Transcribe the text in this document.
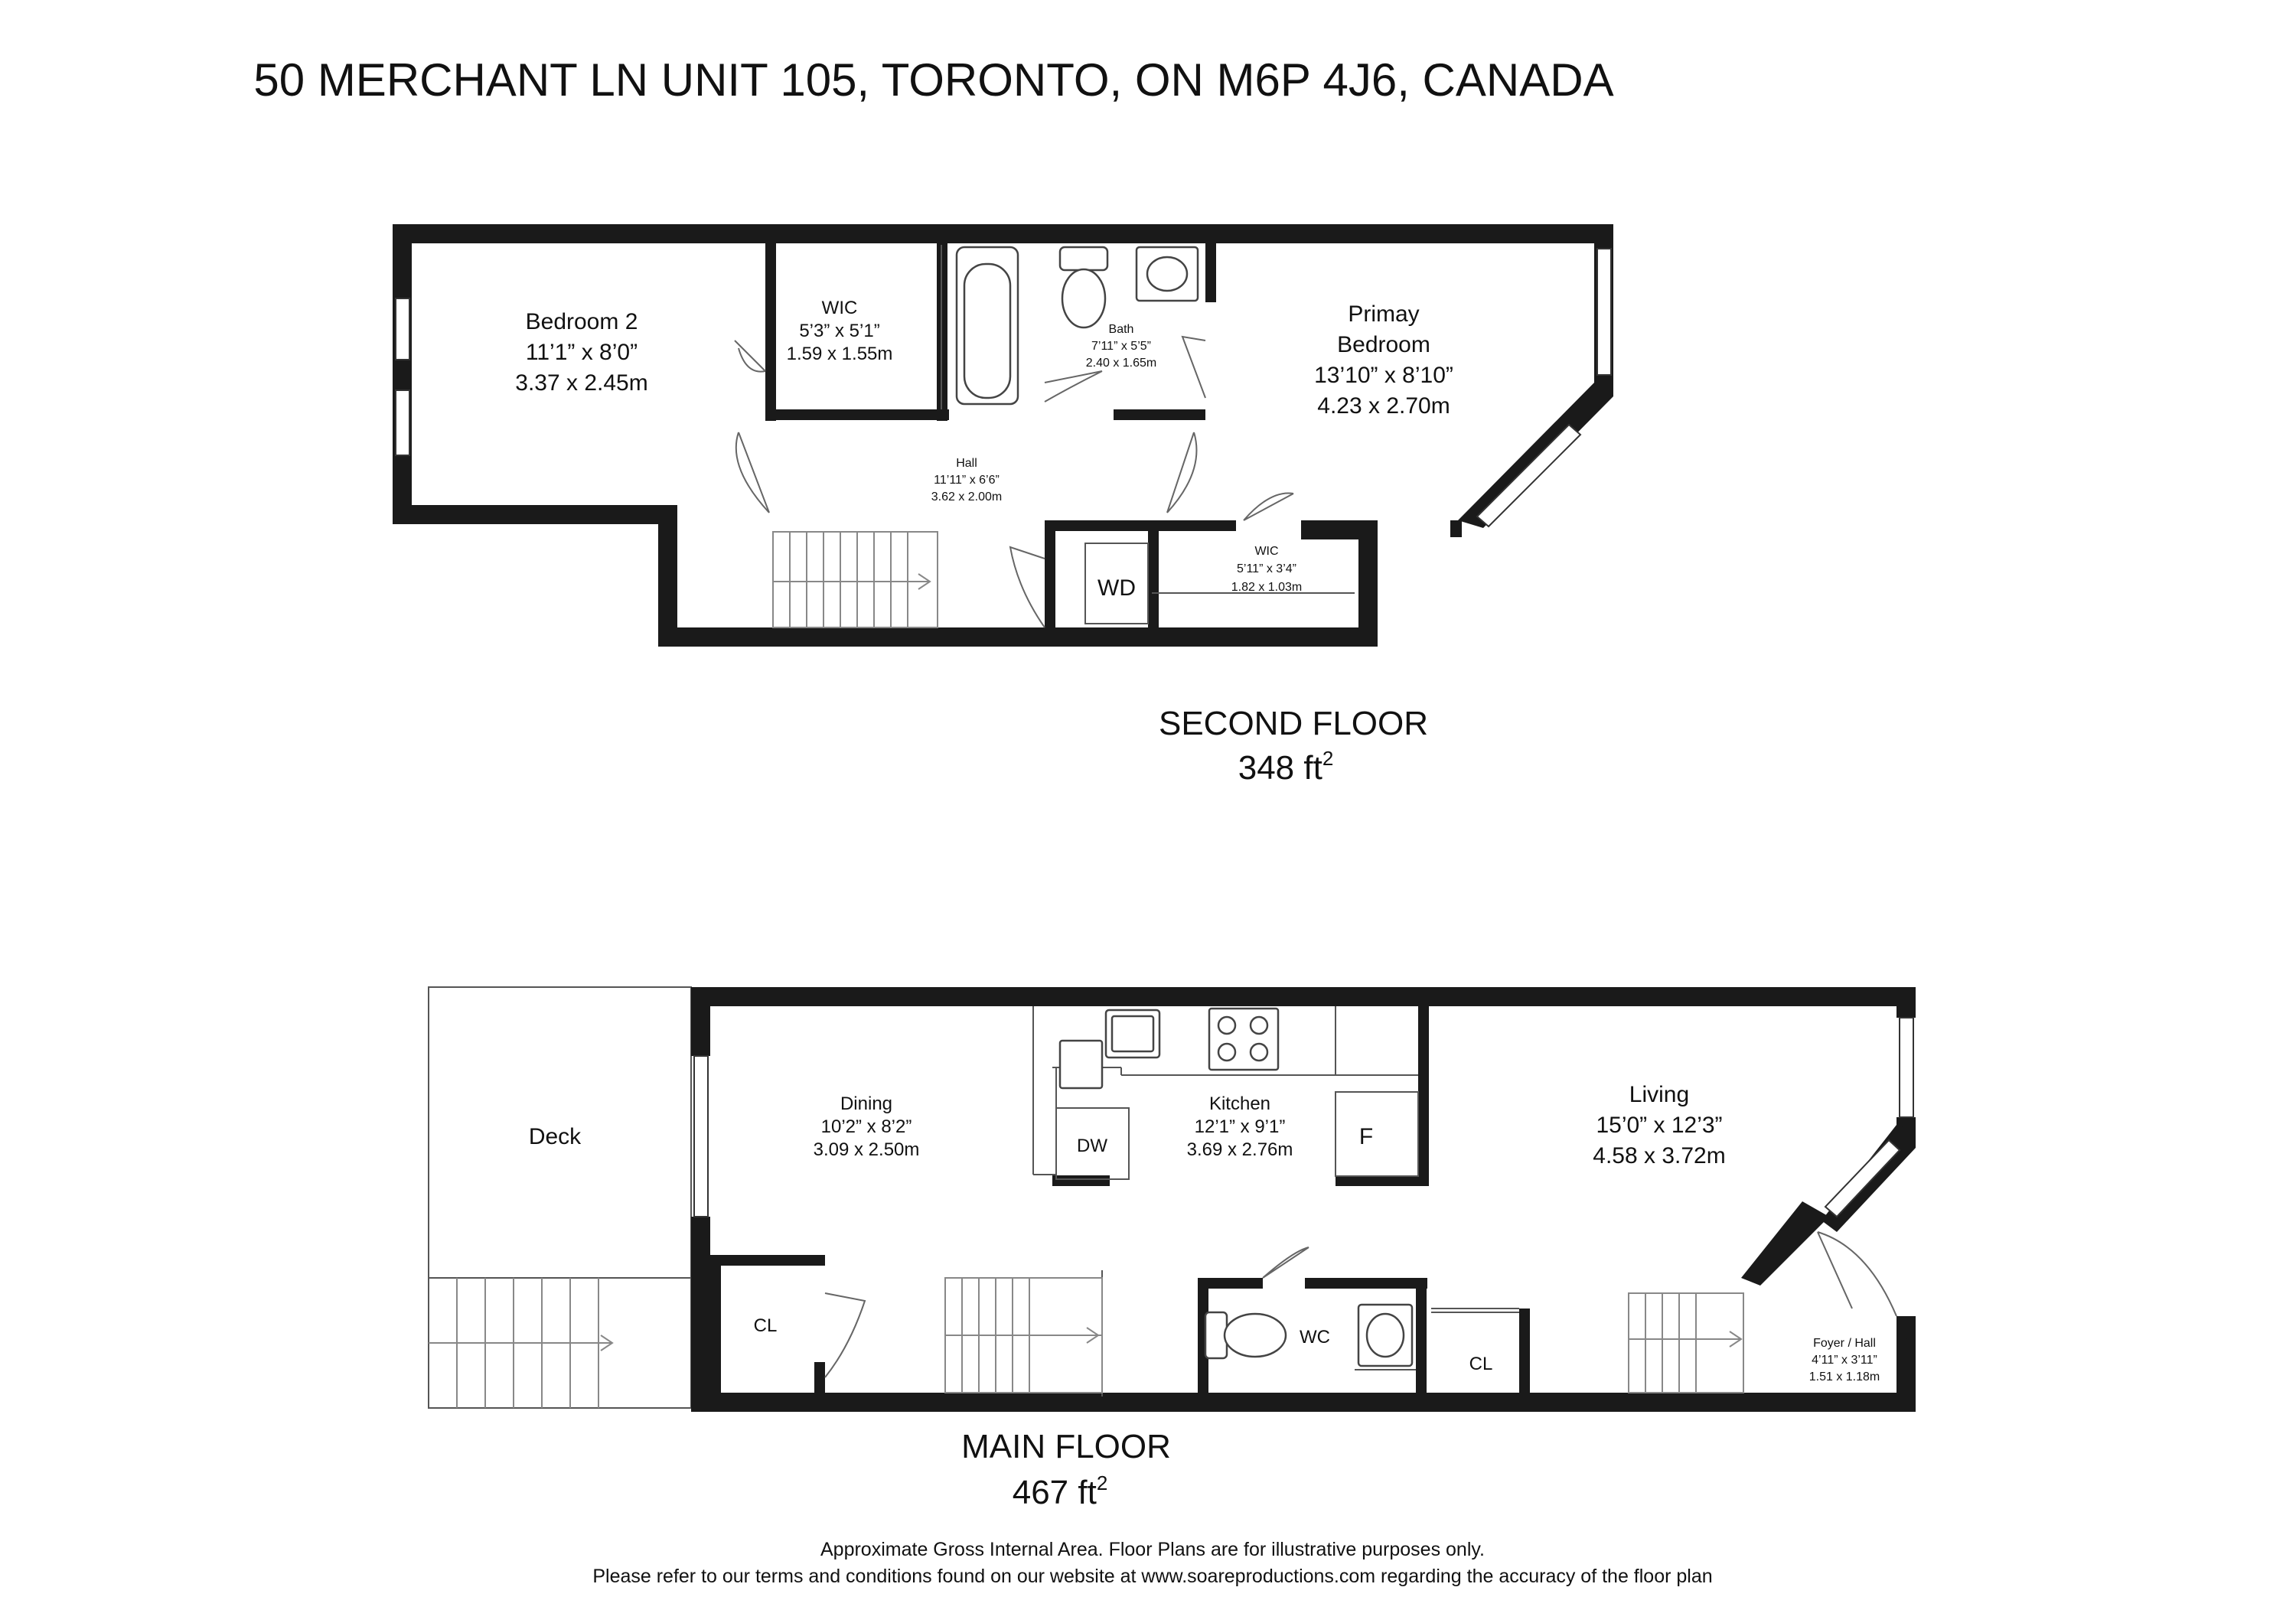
50 MERCHANT LN UNIT 105, TORONTO, ON M6P 4J6, CANADA
Bedroom 2
11’1” x 8’0”
3.37 x 2.45m
WIC
5’3” x 5’1”
1.59 x 1.55m
Bath
7’11” x 5’5”
2.40 x 1.65m
Primay
Bedroom
13’10” x 8’10”
4.23 x 2.70m
Hall
11’11” x 6’6”
3.62 x 2.00m
WIC
5’11” x 3’4”
1.82 x 1.03m
WD
SECOND FLOOR
348 $ft^2$
Deck
Dining
10’2” x 8’2”
3.09 x 2.50m
Kitchen
12’1” x 9’1”
3.69 x 2.76m
Living
15’0” x 12’3”
4.58 x 3.72m
Foyer / Hall
4’11” x 3’11”
1.51 x 1.18m
DW	F
CL
CL
WC
MAIN FLOOR
467 $ft^2$
Approximate Gross Internal Area. Floor Plans are for illustrative purposes only.
Please refer to our terms and conditions found on our website at www.soareproductions.com regarding the accuracy of the floor plan
